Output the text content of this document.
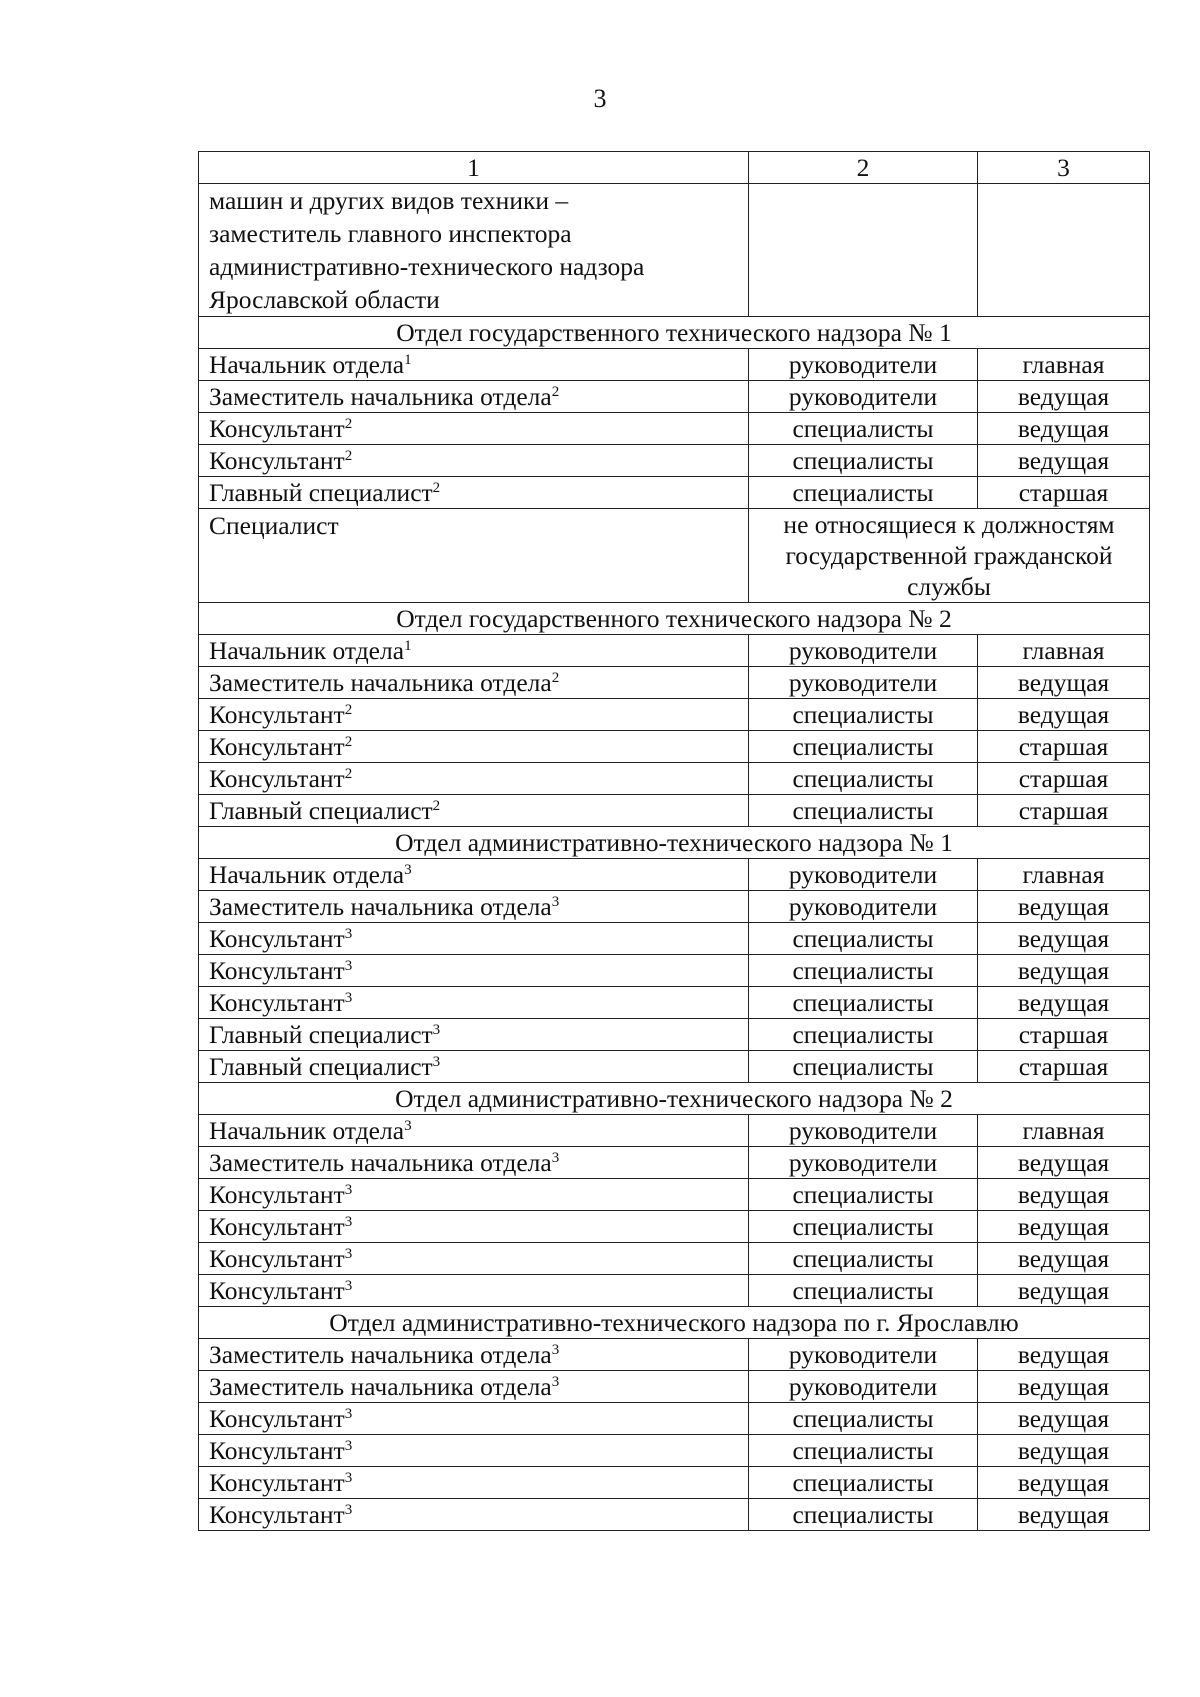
3
1	2	3

машин и других видов техники –
заместитель главного инспектора
административно-технического надзора
Ярославской области		

Отдел государственного технического надзора № 1		
Начальник отдела$^1$	руководители	главная
Заместитель начальника отдела$^2$	руководители	ведущая
Консультант$^2$	специалисты	ведущая
Консультант$^2$	специалисты	ведущая
Главный специалист$^2$	специалисты	старшая
Специалист	не относящиеся к должностям государственной гражданской службы	
Отдел государственного технического надзора № 2		
Начальник отдела$^1$	руководители	главная
Заместитель начальника отдела$^2$	руководители	ведущая
Консультант$^2$	специалисты	ведущая
Консультант$^2$	специалисты	старшая
Консультант$^2$	специалисты	старшая
Главный специалист$^2$	специалисты	старшая
Отдел административно-технического надзора № 1		
Начальник отдела$^3$	руководители	главная
Заместитель начальника отдела$^3$	руководители	ведущая
Консультант$^3$	специалисты	ведущая
Консультант$^3$	специалисты	ведущая
Консультант$^3$	специалисты	ведущая
Главный специалист$^3$	специалисты	старшая
Главный специалист$^3$	специалисты	старшая
Отдел административно-технического надзора № 2		
Начальник отдела$^3$	руководители	главная
Заместитель начальника отдела$^3$	руководители	ведущая
Консультант$^3$	специалисты	ведущая
Консультант$^3$	специалисты	ведущая
Консультант$^3$	специалисты	ведущая
Консультант$^3$	специалисты	ведущая
Отдел административно-технического надзора по г. Ярославлю		
Заместитель начальника отдела$^3$	руководители	ведущая
Заместитель начальника отдела$^3$	руководители	ведущая
Консультант$^3$	специалисты	ведущая
Консультант$^3$	специалисты	ведущая
Консультант$^3$	специалисты	ведущая
Консультант$^3$	специалисты	ведущая
